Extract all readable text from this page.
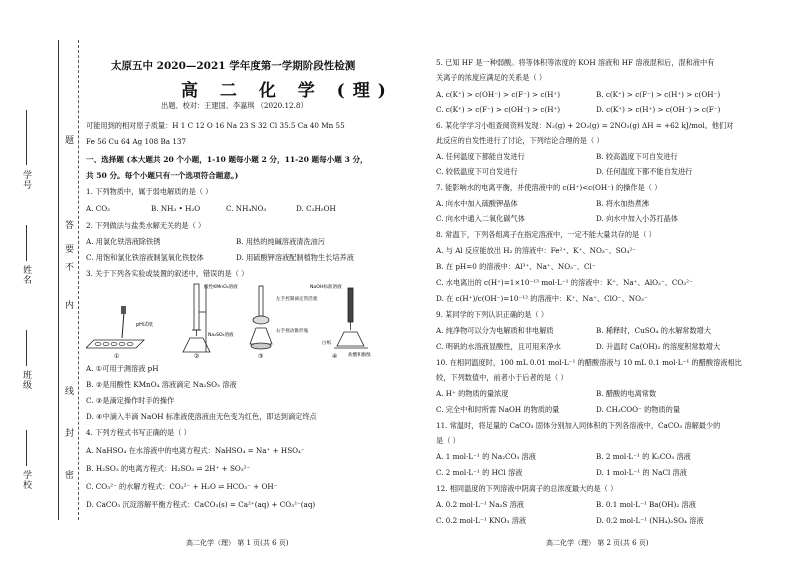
学校
班级
姓名
学号
密
封
线
内
不
要
答
题
太原五中 2020—2021 学年度第一学期阶段性检测
高 二 化 学 (理)
出题、校对：王建国、李嘉琪 （2020.12.8）
可能用到的相对原子质量：H 1 C 12 O 16 Na 23 S 32 Cl 35.5 Ca 40 Mn 55
Fe 56 Cu 64 Ag 108 Ba 137
一、选择题 (本大题共 20 个小题，1-10 题每小题 2 分，11-20 题每小题 3 分，
共 50 分。每个小题只有一个选项符合题意。)
1. 下列物质中，属于弱电解质的是（ ）
A. CO₂	B. NH₃ • H₂O	C. NH₄NO₃	D. C₂H₅OH
2. 下列做法与盐类水解无关的是（ ）
A. 用氯化铁溶液除铁锈	B. 用热的纯碱溶液清洗油污
C. 用饱和氯化铁溶液制氢氧化铁胶体	D. 用硫酸钾溶液配制植物生长培养液
3. 关于下列各实验或装置的叙述中，错误的是（ ）
pH试纸
①
酸性KMnO₄溶液
Na₂SO₃溶液
②
左手控制滴定管活塞
右手摇动锥形瓶
③
NaOH标准溶液
白纸
盐酸和酚酞
④
A. ①可用于测溶液 pH
B. ②是用酸性 KMnO₄ 溶液滴定 Na₂SO₃ 溶液
C. ③是滴定操作时手的操作
D. ④中滴入半滴 NaOH 标准液使溶液由无色变为红色，即达到滴定终点
4. 下列方程式书写正确的是（ ）
A. NaHSO₄ 在水溶液中的电离方程式：NaHSO₄ = Na⁺ + HSO₄⁻
B. H₂SO₃ 的电离方程式：H₂SO₃ ⇌ 2H⁺ + SO₃²⁻
C. CO₃²⁻ 的水解方程式：CO₃²⁻ + H₂O ⇌ HCO₃⁻ + OH⁻
D. CaCO₃ 沉淀溶解平衡方程式：CaCO₃(s) = Ca²⁺(aq) + CO₃²⁻(aq)
高二化学（理） 第 1 页(共 6 页)
5. 已知 HF 是一种弱酸。将等体积等浓度的 KOH 溶液和 HF 溶液混和后，混和液中有
关离子的浓度应满足的关系是（ ）
A. c(K⁺) > c(OH⁻) > c(F⁻) > c(H⁺)	B. c(K⁺) > c(F⁻) > c(H⁺) > c(OH⁻)
C. c(K⁺) > c(F⁻) > c(OH⁻) > c(H⁺)	D. c(K⁺) > c(H⁺) > c(OH⁻) > c(F⁻)
6. 某化学学习小组查阅资料发现：N₂(g) + 2O₂(g) = 2NO₂(g) ΔH = +62 kJ/mol。他们对
此反应的自发性进行了讨论，下列结论合理的是（ ）
A. 任何温度下都能自发进行	B. 较高温度下可自发进行
C. 较低温度下可自发进行	D. 任何温度下都不能自发进行
7. 能影响水的电离平衡，并使溶液中的 c(H⁺)<c(OH⁻) 的操作是（ ）
A. 向水中加入硫酸钾晶体	B. 将水加热煮沸
C. 向水中通入二氧化碳气体	D. 向水中加入小苏打晶体
8. 常温下，下列各组离子在指定溶液中，一定不能大量共存的是（ ）
A. 与 Al 反应能放出 H₂ 的溶液中：Fe²⁺、K⁺、NO₃⁻、SO₄²⁻
B. 在 pH=0 的溶液中：Al³⁺、Na⁺、NO₃⁻、Cl⁻
C. 水电离出的 c(H⁺)=1×10⁻¹³ mol·L⁻¹ 的溶液中：K⁺、Na⁺、AlO₂⁻、CO₃²⁻
D. 在 c(H⁺)/c(OH⁻)=10⁻¹² 的溶液中：K⁺、Na⁺、ClO⁻、NO₃⁻
9. 某同学的下列认识正确的是（ ）
A. 纯净物可以分为电解质和非电解质	B. 稀释时，CuSO₄ 的水解常数增大
C. 明矾的水溶液显酸性，且可用来净水	D. 升温时 Ca(OH)₂ 的溶度积常数增大
10. 在相同温度时，100 mL 0.01 mol·L⁻¹ 的醋酸溶液与 10 mL 0.1 mol·L⁻¹ 的醋酸溶液相比
较，下列数值中，前者小于后者的是（ ）
A. H⁺ 的物质的量浓度	B. 醋酸的电离常数
C. 完全中和时所需 NaOH 的物质的量	D. CH₃COO⁻ 的物质的量
11. 常温时，将足量的 CaCO₃ 固体分别加入同体积的下列各溶液中，CaCO₃ 溶解最少的
是（ ）
A. 1 mol·L⁻¹ 的 Na₂CO₃ 溶液	B. 2 mol·L⁻¹ 的 K₂CO₃ 溶液
C. 2 mol·L⁻¹ 的 HCl 溶液	D. 1 mol·L⁻¹ 的 NaCl 溶液
12. 相同温度的下列溶液中阴离子的总浓度最大的是（ ）
A. 0.2 mol·L⁻¹ Na₂S 溶液	B. 0.1 mol·L⁻¹ Ba(OH)₂ 溶液
C. 0.2 mol·L⁻¹ KNO₃ 溶液	D. 0.2 mol·L⁻¹ (NH₄)₂SO₄ 溶液
高二化学（理） 第 2 页(共 6 页)
